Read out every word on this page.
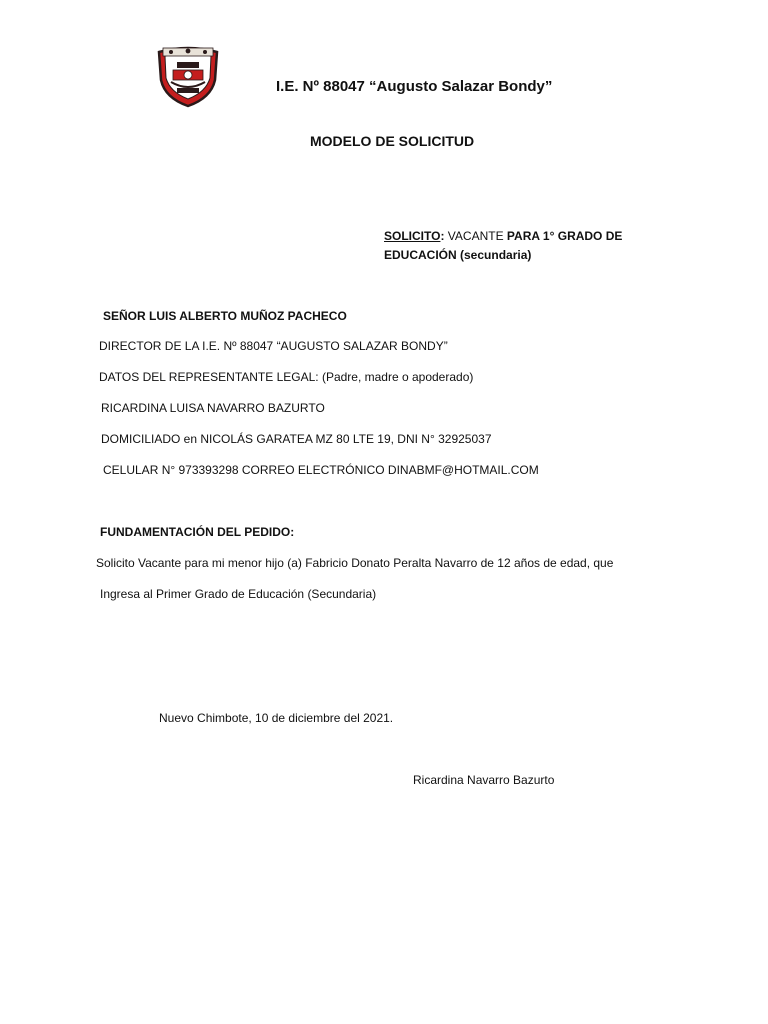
I.E. Nº 88047 “Augusto Salazar Bondy”
MODELO DE SOLICITUD
SOLICITO: VACANTE PARA 1° GRADO DE
EDUCACIÓN (secundaria)
SEÑOR LUIS ALBERTO MUÑOZ PACHECO
DIRECTOR DE LA I.E. Nº 88047 “AUGUSTO SALAZAR BONDY”
DATOS DEL REPRESENTANTE LEGAL: (Padre, madre o apoderado)
RICARDINA LUISA NAVARRO BAZURTO
DOMICILIADO en NICOLÁS GARATEA MZ 80 LTE 19, DNI N° 32925037
CELULAR N° 973393298 CORREO ELECTRÓNICO DINABMF@HOTMAIL.COM
FUNDAMENTACIÓN DEL PEDIDO:
Solicito Vacante para mi menor hijo (a) Fabricio Donato Peralta Navarro de 12 años de edad, que
Ingresa al Primer Grado de Educación (Secundaria)
Nuevo Chimbote, 10 de diciembre del 2021.
Ricardina Navarro Bazurto
